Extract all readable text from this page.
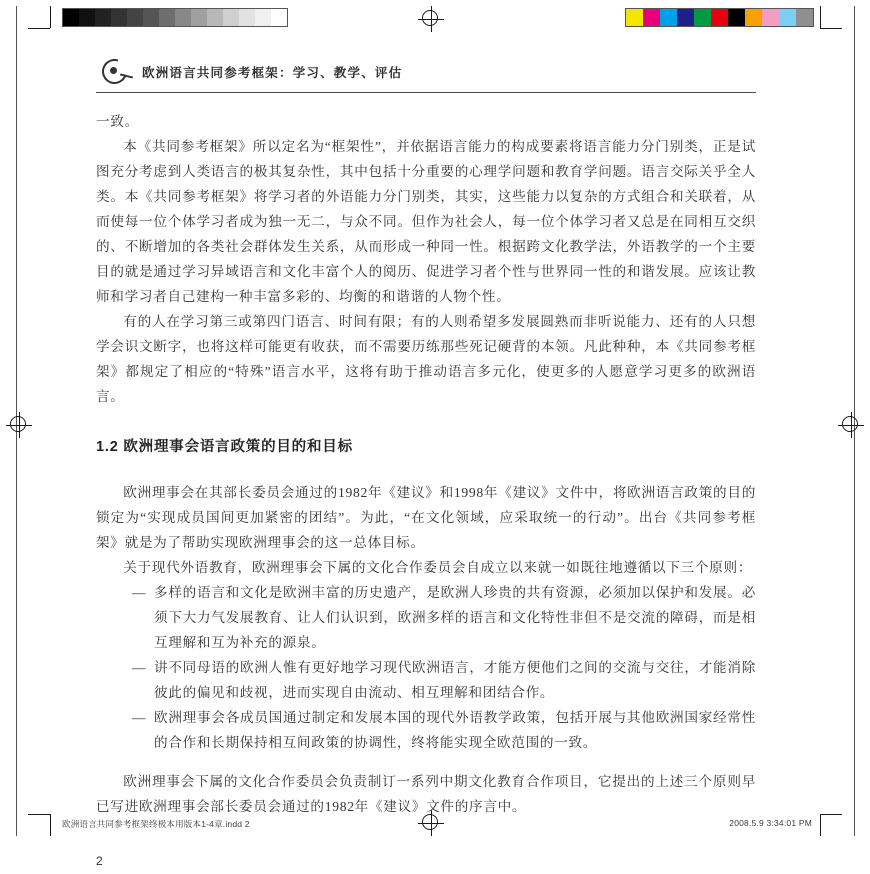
欧洲语言共同参考框架：学习、教学、评估

一致。

本《共同参考框架》所以定名为“框架性”，并依据语言能力的构成要素将语言能力分门别类，正是试图充分考虑到人类语言的极其复杂性，其中包括十分重要的心理学问题和教育学问题。语言交际关乎全人类。本《共同参考框架》将学习者的外语能力分门别类，其实，这些能力以复杂的方式组合和关联着，从而使每一位个体学习者成为独一无二，与众不同。但作为社会人，每一位个体学习者又总是在同相互交织的、不断增加的各类社会群体发生关系，从而形成一种同一性。根据跨文化教学法，外语教学的一个主要目的就是通过学习异域语言和文化丰富个人的阅历、促进学习者个性与世界同一性的和谐发展。应该让教师和学习者自己建构一种丰富多彩的、均衡的和谐谐的人物个性。

有的人在学习第三或第四门语言、时间有限；有的人则希望多发展圆熟而非听说能力、还有的人只想学会识文断字，也将这样可能更有收获，而不需要历练那些死记硬背的本领。凡此种种，本《共同参考框架》都规定了相应的“特殊”语言水平，这将有助于推动语言多元化，使更多的人愿意学习更多的欧洲语言。

1.2 欧洲理事会语言政策的目的和目标

欧洲理事会在其部长委员会通过的1982年《建议》和1998年《建议》文件中，将欧洲语言政策的目的锁定为“实现成员国间更加紧密的团结”。为此，“在文化领域，应采取统一的行动”。出台《共同参考框架》就是为了帮助实现欧洲理事会的这一总体目标。

关于现代外语教育，欧洲理事会下属的文化合作委员会自成立以来就一如既往地遵循以下三个原则：

— 多样的语言和文化是欧洲丰富的历史遗产，是欧洲人珍贵的共有资源，必须加以保护和发展。必须下大力气发展教育、让人们认识到，欧洲多样的语言和文化特性非但不是交流的障碍，而是相互理解和互为补充的源泉。
— 讲不同母语的欧洲人惟有更好地学习现代欧洲语言，才能方便他们之间的交流与交往，才能消除彼此的偏见和歧视，进而实现自由流动、相互理解和团结合作。
— 欧洲理事会各成员国通过制定和发展本国的现代外语教学政策，包括开展与其他欧洲国家经常性的合作和长期保持相互间政策的协调性，终将能实现全欧范围的一致。

欧洲理事会下属的文化合作委员会负责制订一系列中期文化教育合作项目，它提出的上述三个原则早已写进欧洲理事会部长委员会通过的1982年《建议》文件的序言中。

2
欧洲语言共同参考框架终极本用版本1-4章.indd 2	2008.5.9 3:34:01 PM
